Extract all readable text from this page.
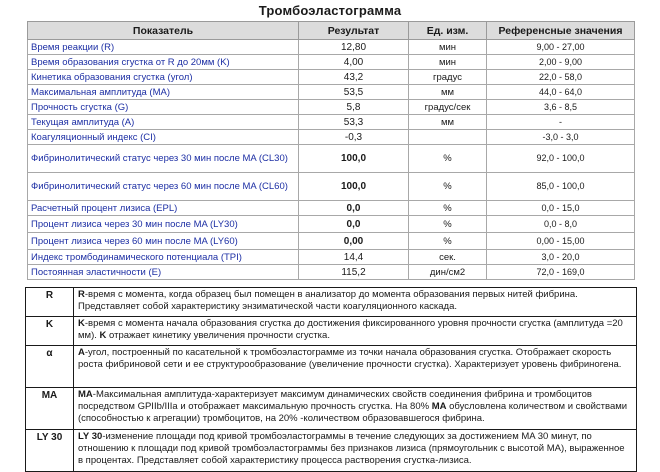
Тромбоэластограмма
Показатель	Результат	Ед. изм.	Референсные значения
Время реакции (R)	12,80	мин	9,00 - 27,00
Время образования сгустка от R до 20мм (K)	4,00	мин	2,00 - 9,00
Кинетика образования сгустка (угол)	43,2	градус	22,0 - 58,0
Максимальная амплитуда (MA)	53,5	мм	44,0 - 64,0
Прочность сгустка (G)	5,8	градус/сек	3,6 - 8,5
Текущая амплитуда (A)	53,3	мм	-
Коагуляционный индекс (CI)	-0,3		-3,0 - 3,0
Фибринолитический статус через 30 мин после MA (CL30)	100,0	%	92,0 - 100,0
Фибринолитический статус через 60 мин после MA (CL60)	100,0	%	85,0 - 100,0
Расчетный процент лизиса (EPL)	0,0	%	0,0 - 15,0
Процент лизиса через 30 мин после MA (LY30)	0,0	%	0,0 - 8,0
Процент лизиса через 60 мин после MA (LY60)	0,00	%	0,00 - 15,00
Индекс тромбодинамического потенциала (TPI)	14,4	сек.	3,0 - 20,0
Постоянная эластичности (E)	115,2	дин/см2	72,0 - 169,0
R	R-время с момента, когда образец был помещен в анализатор до момента образования первых нитей фибрина. Представляет собой характеристику энзиматической части коагуляционного каскада.
K	K-время с момента начала образования сгустка до достижения фиксированного уровня прочности сгустка (амплитуда =20 мм). K отражает кинетику увеличения прочности сгустка.
α	A-угол, построенный по касательной к тромбоэластограмме из точки начала образования сгустка. Отображает скорость роста фибриновой сети и ее структурообразование (увеличение прочности сгустка). Характеризует уровень фибриногена.
MA	MA-Максимальная амплитуда-характеризует максимум динамических свойств соединения фибрина и тромбоцитов посредством GPIIb/IIIa и отображает максимальную прочность сгустка. На 80% MA обусловлена количеством и свойствами (способностью к агрегации) тромбоцитов, на 20% -количеством образовавшегося фибрина.
LY 30	LY 30-изменение площади под кривой тромбоэластограммы в течение следующих за достижением MA 30 минут, по отношению к площади под кривой тромбоэластограммы без признаков лизиса (прямоугольник с высотой MA), выраженное в процентах. Представляет собой характеристику процесса растворения сгустка-лизиса.
